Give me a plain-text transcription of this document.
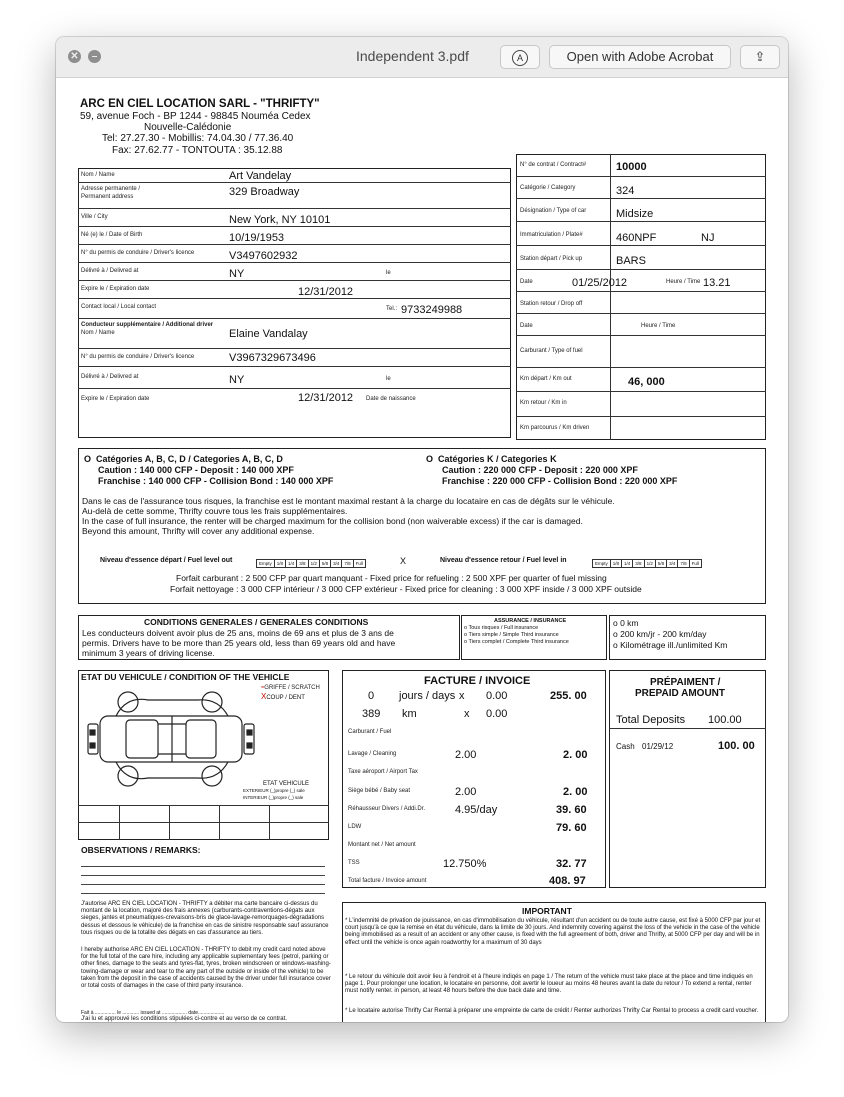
✕	–	Independent 3.pdf	A	Open with Adobe Acrobat	⇪
ARC EN CIEL LOCATION SARL - "THRIFTY"
59, avenue Foch - BP 1244 - 98845 Nouméa Cedex
Nouvelle-Calédonie
Tel: 27.27.30 - Mobillis: 74.04.30 / 77.36.40
Fax: 27.62.77 - TONTOUTA : 35.12.88
Nom / Name	Art Vandelay
Adresse permanente /
Permanent address	329 Broadway
Ville / City	New York, NY 10101
Né (e) le / Date of Birth	10/19/1953
N° du permis de conduire / Driver's licence	V3497602932
Délivré à / Delivred at	NY	le
Expire le / Expiration date	12/31/2012
Contact local / Local contact	Tel.: 9733249988
Conducteur supplémentaire / Additional driver
Nom / Name	Elaine Vandalay
N° du permis de conduire / Driver's licence	V3967329673496
Délivré à / Delivred at	NY	le
Expire le / Expiration date	12/31/2012 Date de naissance
N° de contrat / Contract#	10000
Catégorie / Category	324
Désignation / Type of car	Midsize
Immatriculation / Plate#	460NPF	NJ
Station départ / Pick up	BARS
Date	01/25/2012	Heure / Time 13.21
Station retour / Drop off
Date	Heure / Time
Carburant / Type of fuel
Km départ / Km out	46, 000
Km retour / Km in
Km parcourus / Km driven
O Catégories A, B, C, D / Categories A, B, C, D
Caution : 140 000 CFP - Deposit : 140 000 XPF
Franchise : 140 000 CFP - Collision Bond : 140 000 XPF
O Catégories K / Categories K
Caution : 220 000 CFP - Deposit : 220 000 XPF
Franchise : 220 000 CFP - Collision Bond : 220 000 XPF
Dans le cas de l'assurance tous risques, la franchise est le montant maximal restant à la charge du locataire en cas de dégâts sur le véhicule.
Au-delà de cette somme, Thrifty couvre tous les frais supplémentaires.
In the case of full insurance, the renter will be charged maximum for the collision bond (non waiverable excess) if the car is damaged.
Beyond this amount, Thrifty will cover any additional expense.
Niveau d'essence départ / Fuel level out	Empty 1/8 1/4 3/8 1/2 5/8 3/4 7/8 Full	X	Niveau d'essence retour / Fuel level in	Empty 1/8 1/4 3/8 1/2 5/8 3/4 7/8 Full
Forfait carburant : 2 500 CFP par quart manquant - Fixed price for refueling : 2 500 XPF per quarter of fuel missing
Forfait nettoyage : 3 000 CFP intérieur / 3 000 CFP extérieur - Fixed price for cleaning : 3 000 XPF inside / 3 000 XPF outside
CONDITIONS GENERALES / GENERALES CONDITIONS
Les conducteurs doivent avoir plus de 25 ans, moins de 69 ans et plus de 3 ans de
permis. Drivers have to be more than 25 years old, less than 69 years old and have
minimum 3 years of driving license.
ASSURANCE / INSURANCE
o Tous risques / Full insurance
o Tiers simple / Simple Third insurance
o Tiers complet / Complete Third insurance
o 0 km
o 200 km/jr - 200 km/day
o Kilométrage ill./unlimited Km
ETAT DU VEHICULE / CONDITION OF THE VEHICLE
≈GRIFFE / SCRATCH
XCOUP / DENT
ETAT VEHICULE
EXTERIEUR (_)propre (_) sale
INTERIEUR (_)propre (_) sale
OBSERVATIONS / REMARKS:
J'autorise ARC EN CIEL LOCATION - THRIFTY a débiter ma carte bancaire ci-dessus du montant de la location, majoré des frais annexes (carburants-contraventions-dégats aux sieges, jantes et pneumatiques-crevaisons-bris de glace-lavage-remorquages-dégradations dessus et dessous le véhicule) de la franchise en cas de sinistre responsable sauf assurance tous risques ou de la totalite des dégats en cas d'assurance au tiers.
I hereby authorise ARC EN CIEL LOCATION - THRIFTY to debit my credit card noted above for the full total of the care hire, including any applicable suplementary fees (petrol, parking or other fines, damage to the seats and tyres-flat, tyres, broken windscreen or windows-washing-towing-damage or wear and tear to the any part of the outside or inside of the vehicle) to be taken from the deposit in the case of accidents caused by the driver under full insurance cover or total costs of damages in the case of third party insurance.
Fait à ............... le ............ issued at .................. date...................
J'ai lu et approuvé les conditions stipulées ci-contre et au verso de ce contrat.
FACTURE / INVOICE
0 jours / days x 0.00	255. 00
389 km	x 0.00
Carburant / Fuel
Lavage / Cleaning	2.00	2. 00
Taxe aéroport / Airport Tax
Siège bébé / Baby seat	2.00	2. 00
Réhausseur Divers / Addi.Dr.	4.95/day	39. 60
LDW	79. 60
Montant net / Net amount
TSS	12.750%	32. 77
Total facture / Invoice amount	408. 97
PRÉPAIMENT /
PREPAID AMOUNT
Total Deposits 100.00
Cash 01/29/12	100. 00
IMPORTANT
* L'indemnité de privation de jouissance, en cas d'immobilisation du véhicule, résultant d'un accident ou de toute autre cause, est fixé à 5000 CFP par jour et court jusqu'à ce que la remise en état du véhicule, dans la limite de 30 jours. And indemnity covering against the loss of the vehicle in the case of the vehicle being immobilised as a result of an accident or any other cause, is fixed with the full agreement of both, driver and Thrifty, at 5000 CFP per day and will be in effect until the vehicle is once again roadworthy for a maximum of 30 days
* Le retour du véhicule doit avoir lieu à l'endroit et à l'heure indiqés en page 1 / The return of the vehicle must take place at the place and time indiqués en page 1. Pour prolonger une location, le locataire en personne, doit avertir le loueur au moins 48 heures avant la date du retour / To extend a rental, renter must notify renter. in person, at least 48 hours before the due back date and time.
* Le locataire autorise Thrifty Car Rental à préparer une empreinte de carte de crédit / Renter authorizes Thrifty Car Rental to process a credit card voucher.
